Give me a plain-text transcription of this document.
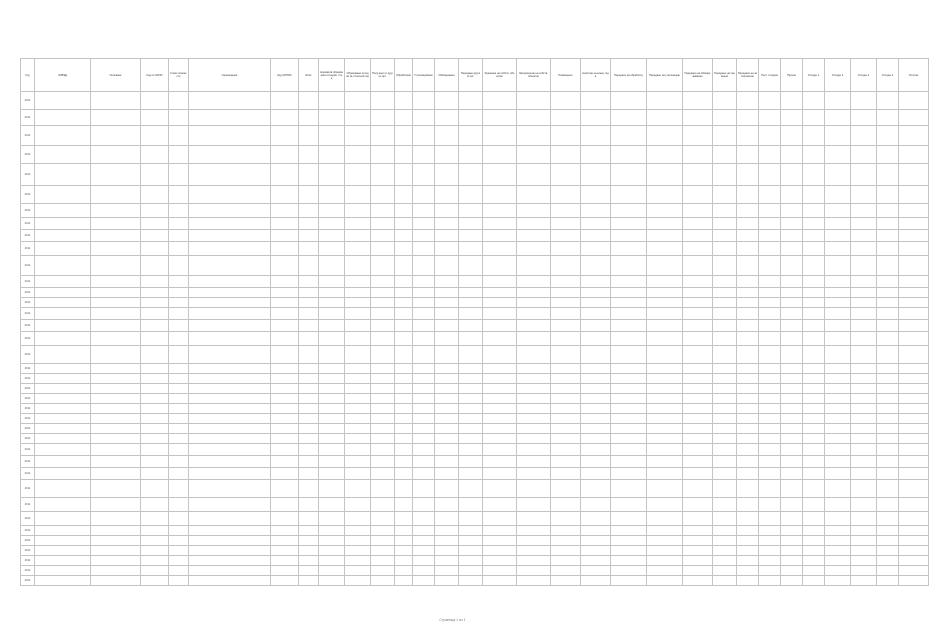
Год	ОКВЭД	Описание	Код по ОКПО	Класс опасности	Организация	Код ОКТМО	Штат	Норматив образования отходов, т/год	Образовано отходов за отчетный год	Получено от других орг.	Обработано	Утилизировано	Обезврежено	Передано другим орг.	Хранение на собств. объектах	Захоронение на собств. объектах	Размещено	Наличие на конец года	Передано на обработку	Передано на утилизацию	Передано на обезвреживание	Передано на хранение	Передано на захоронение	Пост. отходов	Прочие	Отходы 1	Отходы 2	Отходы 3	Отходы 4	Остаток
2014																														
2014																														
2014																														
2014																														
2014																														
2014																														
2014																														
2014																														
2014																														
2014																														
2014																														
2014																														
2014																														
2014																														
2014																														
2014																														
2014																														
2014																														
2014																														
2014																														
2014																														
2014																														
2014																														
2014																														
2014																														
2014																														
2014																														
2014																														
2014																														
2014																														
2014																														
2014																														
2014																														
2014																														
2014																														
2014																														
2014																														
2014																														
Страница 1 из 1
